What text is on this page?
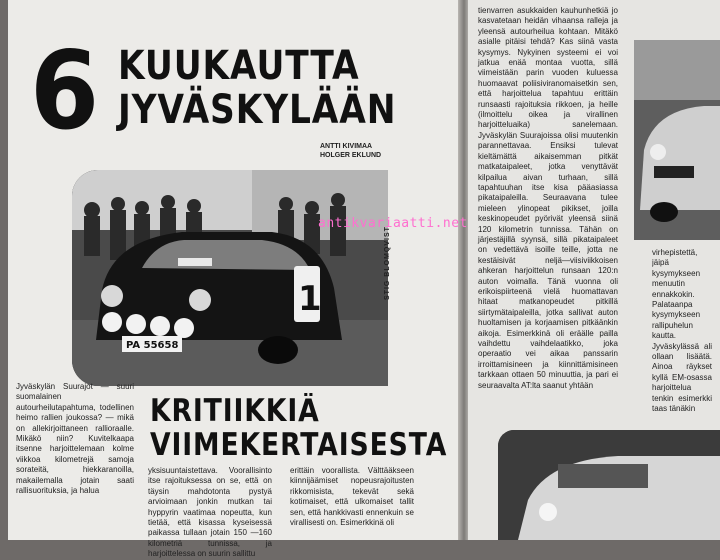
6 KUUKAUTTA
JYVÄSKYLÄÄN
ANTTI KIVIMAA
HOLGER EKLUND
1
PA 55658
STIG BLOMQVIST
antikvariaatti.net
KRITIIKKIÄ
VIIMEKERTAISESTA

Jyväskylän Suurajot — suuri suomalainen autourheilutapahtuma, todellinen heimo rallien joukossa? — mikä on allekirjoittaneen rallioraalle. Mikäkö niin? Kuvitelkaapa itsenne harjoittelemaan kolme viikkoa kilometrejä samoja sorateitä, hiekkaranoilla, makailemalla jotain saati rallisuorituksia, ja halua

yksisuuntaistettava. Voorallisinto itse rajoituksessa on se, että on täysin mahdotonta pystyä arvioimaan jonkin mutkan tai hyppyrin vaatimaa nopeutta, kun tietää, että kisassa kyseisessä paikassa tullaan jotain 150 —160 kilometriä tunnissa, ja harjoittelessa on suurin sallittu

erittäin voorallista. Välttääkseen kiinnijäämiset nopeusrajoitusten rikkomisista, tekevät sekä kotimaiset, että ulkomaiset tallit sen, että hankkivasti ennenkuin se virallisesti on. Esimerkkinä oli

tienvarren asukkaiden kauhunhetkiä jo kasvatetaan heidän vihaansa ralleja ja yleensä autourheilua kohtaan. Mitäkö asialle pitäisi tehdä? Kas siinä vasta kysymys. Nykyinen systeemi ei voi jatkua enää montaa vuotta, sillä viimeistään parin vuoden kuluessa huomaavat poliisiviranomaisetkin sen, että harjoittelua tapahtuu erittäin runsaasti rajoituksia rikkoen, ja heille (ilmoittelu oikea ja virallinen harjoitteluaika) sanelemaan. Jyväskylän Suurajoissa olisi muutenkin parannettavaa. Ensiksi tulevat kieltämättä aikaisemman pitkät matkataipaleet, jotka venyttävät kilpailua aivan turhaan, sillä tapahtuuhan itse kisa pääasiassa pikataipaleilla. Seuraavana tulee mieleen ylinopeat pikikset, joilla keskinopeudet pyörivät yleensä siinä 120 kilometrin tunnissa. Tähän on järjestäjillä syynsä, sillä pikataipaleet on vedettävä isoille teille, jotta ne kestäisivät neljä—viisiviikkoisen ahkeran harjoittelun runsaan 120:n auton voimalla. Tänä vuonna oli erikoispiirteenä vielä huomattavan hitaat matkanopeudet pitkillä siirtymätaipaleilla, jotka sallivat auton huoltamisen ja korjaamisen pitkäänkin aikoja. Esimerkkinä oli eräälle pailla vaihdettu vaihdelaatikko, joka operaatio vei aikaa panssarin irroittamisineen ja kiinnittämisineen tarkkaan ottaen 50 minuuttia, ja pari ei seuraavalta AT:lta saanut yhtään

virhepistettä, jäipä kysymykseen menuutin ennakkokin. Palataanpa kysymykseen rallipuhelun kautta. Jyväskylässä ali ollaan lisäätä. Ainoa räykset kyllä EM-osassa harjoittelua tenkin esimerkki taas tänäkin
